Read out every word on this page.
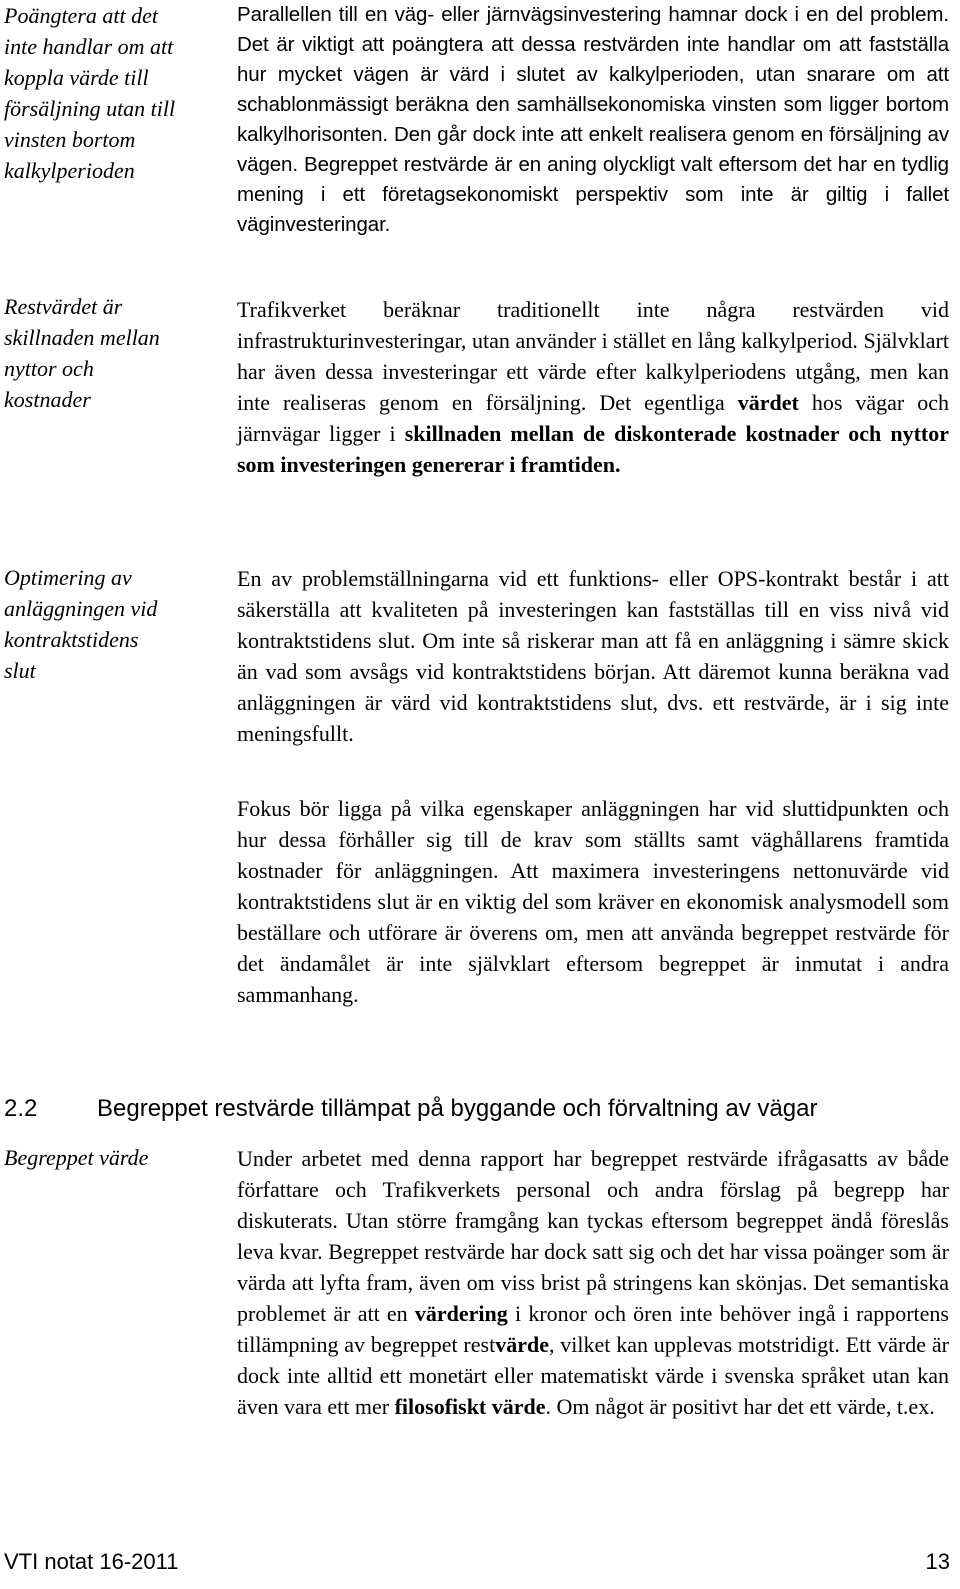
Poängtera att det
inte handlar om att
koppla värde till
försäljning utan till
vinsten bortom
kalkylperioden
Restvärdet är
skillnaden mellan
nyttor och
kostnader
Optimering av
anläggningen vid
kontraktstidens
slut
Begreppet värde
Parallellen till en väg- eller järnvägsinvestering hamnar dock i en del problem. Det är viktigt att poängtera att dessa restvärden inte handlar om att fastställa hur mycket vägen är värd i slutet av kalkylperioden, utan snarare om att schablonmässigt beräkna den samhällsekonomiska vinsten som ligger bortom kalkylhorisonten. Den går dock inte att enkelt realisera genom en försäljning av vägen. Begreppet restvärde är en aning olyckligt valt eftersom det har en tydlig mening i ett företagsekonomiskt perspektiv som inte är giltig i fallet väginvesteringar.
Trafikverket beräknar traditionellt inte några restvärden vid infrastrukturinvesteringar, utan använder i stället en lång kalkylperiod. Självklart har även dessa investeringar ett värde efter kalkylperiodens utgång, men kan inte realiseras genom en försäljning. Det egentliga värdet hos vägar och järnvägar ligger i skillnaden mellan de diskonterade kostnader och nyttor som investeringen genererar i framtiden.
En av problemställningarna vid ett funktions- eller OPS-kontrakt består i att säkerställa att kvaliteten på investeringen kan fastställas till en viss nivå vid kontraktstidens slut. Om inte så riskerar man att få en anläggning i sämre skick än vad som avsågs vid kontraktstidens början. Att däremot kunna beräkna vad anläggningen är värd vid kontraktstidens slut, dvs. ett restvärde, är i sig inte meningsfullt.
Fokus bör ligga på vilka egenskaper anläggningen har vid sluttidpunkten och hur dessa förhåller sig till de krav som ställts samt väghållarens framtida kostnader för anläggningen. Att maximera investeringens nettonuvärde vid kontraktstidens slut är en viktig del som kräver en ekonomisk analysmodell som beställare och utförare är överens om, men att använda begreppet restvärde för det ändamålet är inte självklart eftersom begreppet är inmutat i andra sammanhang.
2.2 Begreppet restvärde tillämpat på byggande och förvaltning av vägar
Under arbetet med denna rapport har begreppet restvärde ifrågasatts av både författare och Trafikverkets personal och andra förslag på begrepp har diskuterats. Utan större framgång kan tyckas eftersom begreppet ändå föreslås leva kvar. Begreppet restvärde har dock satt sig och det har vissa poänger som är värda att lyfta fram, även om viss brist på stringens kan skönjas. Det semantiska problemet är att en värdering i kronor och ören inte behöver ingå i rapportens tillämpning av begreppet restvärde, vilket kan upplevas motstridigt. Ett värde är dock inte alltid ett monetärt eller matematiskt värde i svenska språket utan kan även vara ett mer filosofiskt värde. Om något är positivt har det ett värde, t.ex.
VTI notat 16-2011	13
